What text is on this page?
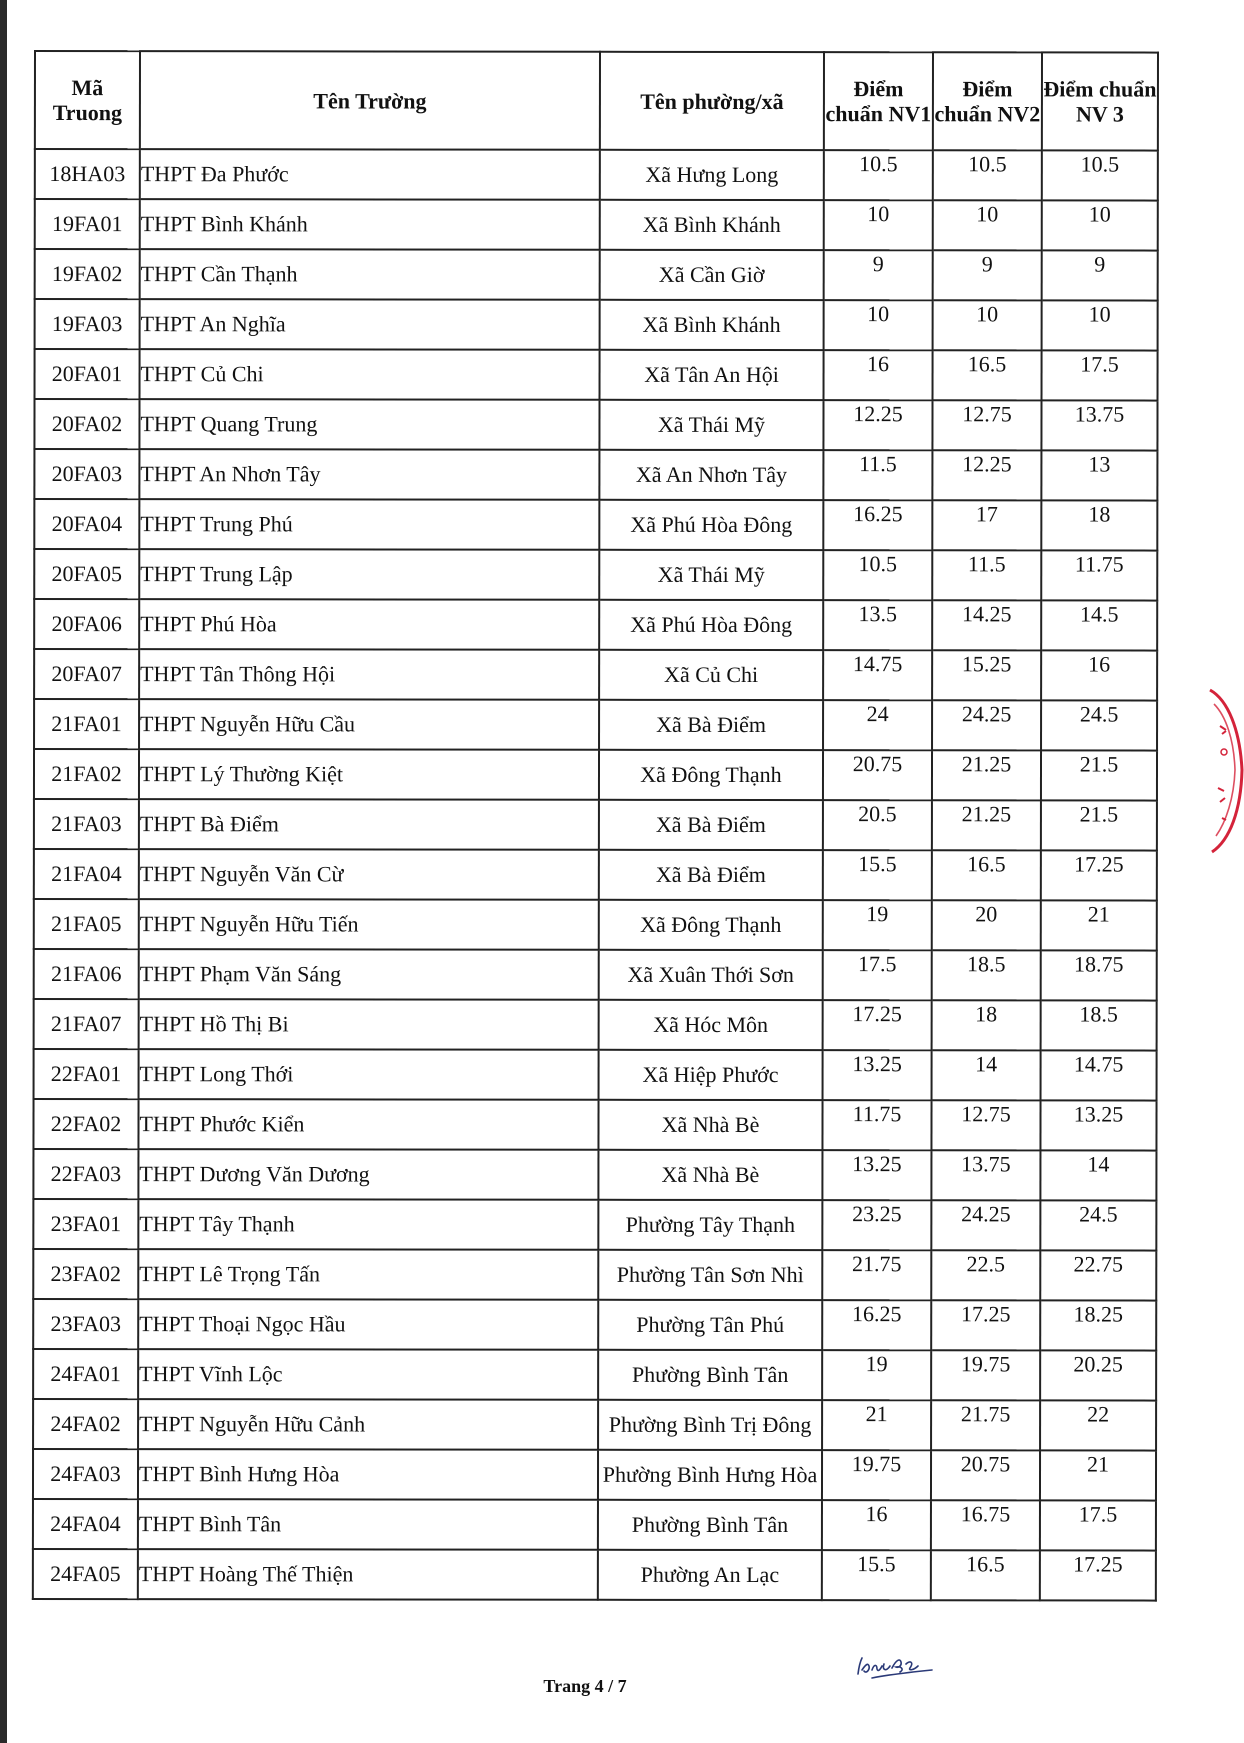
Mã Truong	Tên Trường	Tên phường/xã	Điểm chuẩn NV1	Điểm chuẩn NV2	Điểm chuẩn NV 3
18HA03	THPT Đa Phước	Xã Hưng Long	10.5	10.5	10.5
19FA01	THPT Bình Khánh	Xã Bình Khánh	10	10	10
19FA02	THPT Cần Thạnh	Xã Cần Giờ	9	9	9
19FA03	THPT An Nghĩa	Xã Bình Khánh	10	10	10
20FA01	THPT Củ Chi	Xã Tân An Hội	16	16.5	17.5
20FA02	THPT Quang Trung	Xã Thái Mỹ	12.25	12.75	13.75
20FA03	THPT An Nhơn Tây	Xã An Nhơn Tây	11.5	12.25	13
20FA04	THPT Trung Phú	Xã Phú Hòa Đông	16.25	17	18
20FA05	THPT Trung Lập	Xã Thái Mỹ	10.5	11.5	11.75
20FA06	THPT Phú Hòa	Xã Phú Hòa Đông	13.5	14.25	14.5
20FA07	THPT Tân Thông Hội	Xã Củ Chi	14.75	15.25	16
21FA01	THPT Nguyễn Hữu Cầu	Xã Bà Điểm	24	24.25	24.5
21FA02	THPT Lý Thường Kiệt	Xã Đông Thạnh	20.75	21.25	21.5
21FA03	THPT Bà Điểm	Xã Bà Điểm	20.5	21.25	21.5
21FA04	THPT Nguyễn Văn Cừ	Xã Bà Điểm	15.5	16.5	17.25
21FA05	THPT Nguyễn Hữu Tiến	Xã Đông Thạnh	19	20	21
21FA06	THPT Phạm Văn Sáng	Xã Xuân Thới Sơn	17.5	18.5	18.75
21FA07	THPT Hồ Thị Bi	Xã Hóc Môn	17.25	18	18.5
22FA01	THPT Long Thới	Xã Hiệp Phước	13.25	14	14.75
22FA02	THPT Phước Kiển	Xã Nhà Bè	11.75	12.75	13.25
22FA03	THPT Dương Văn Dương	Xã Nhà Bè	13.25	13.75	14
23FA01	THPT Tây Thạnh	Phường Tây Thạnh	23.25	24.25	24.5
23FA02	THPT Lê Trọng Tấn	Phường Tân Sơn Nhì	21.75	22.5	22.75
23FA03	THPT Thoại Ngọc Hầu	Phường Tân Phú	16.25	17.25	18.25
24FA01	THPT Vĩnh Lộc	Phường Bình Tân	19	19.75	20.25
24FA02	THPT Nguyễn Hữu Cảnh	Phường Bình Trị Đông	21	21.75	22
24FA03	THPT Bình Hưng Hòa	Phường Bình Hưng Hòa	19.75	20.75	21
24FA04	THPT Bình Tân	Phường Bình Tân	16	16.75	17.5
24FA05	THPT Hoàng Thế Thiện	Phường An Lạc	15.5	16.5	17.25
Trang 4 / 7
